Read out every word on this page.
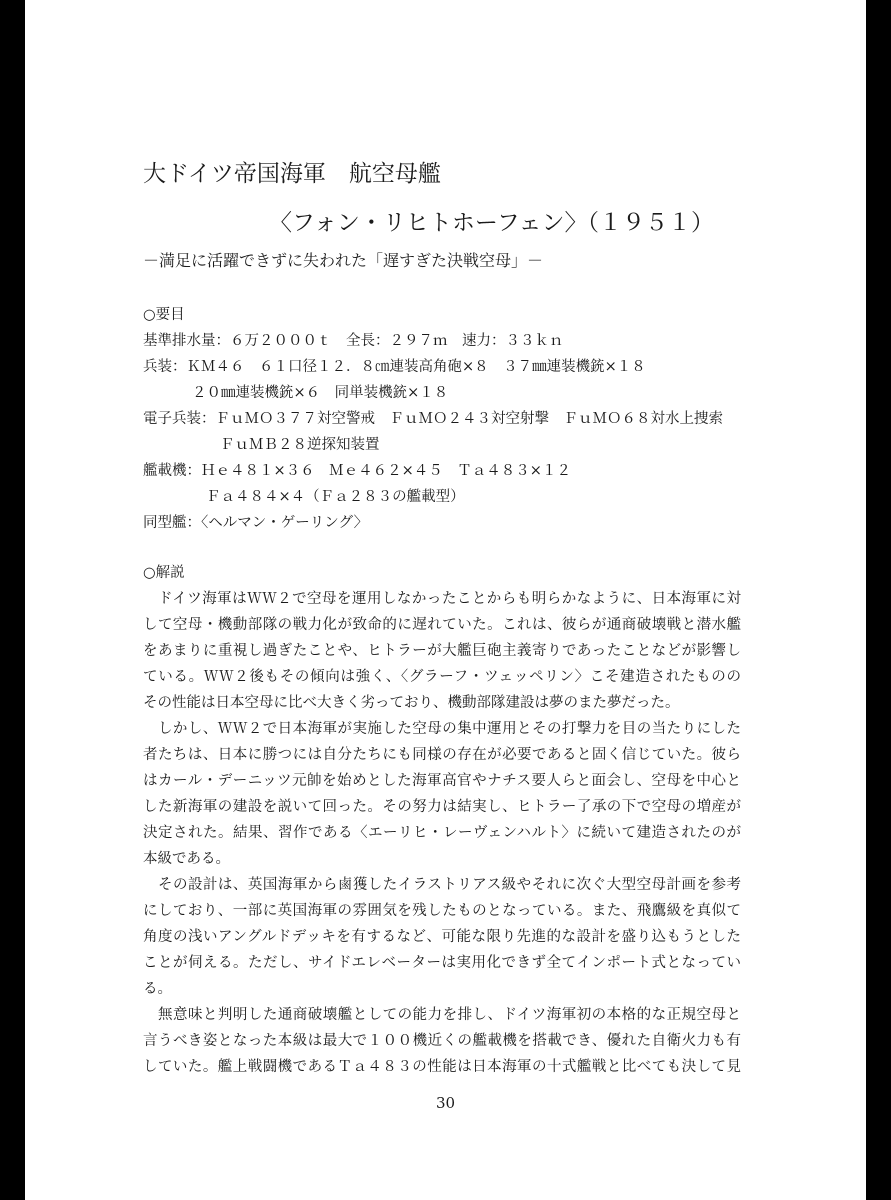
大ドイツ帝国海軍　航空母艦
〈フォン・リヒトホーフェン〉（１９５１）
－満足に活躍できずに失われた「遅すぎた決戦空母」－
○要目
基準排水量：６万２０００ｔ　全長：２９７ｍ　速力：３３ｋｎ
兵装：ＫＭ４６　６１口径１２．８㎝連装高角砲×８　３７㎜連装機銃×１８
２０㎜連装機銃×６　同単装機銃×１８
電子兵装：ＦｕＭＯ３７７対空警戒　ＦｕＭＯ２４３対空射撃　ＦｕＭＯ６８対水上捜索
ＦｕＭＢ２８逆探知装置
艦載機：Ｈｅ４８１×３６　Ｍｅ４６２×４５　Ｔａ４８３×１２
Ｆａ４８４×４（Ｆａ２８３の艦載型）
同型艦：〈ヘルマン・ゲーリング〉
○解説
　ドイツ海軍はＷＷ２で空母を運用しなかったことからも明らかなように、日本海軍に対
して空母・機動部隊の戦力化が致命的に遅れていた。これは、彼らが通商破壊戦と潜水艦
をあまりに重視し過ぎたことや、ヒトラーが大艦巨砲主義寄りであったことなどが影響し
ている。ＷＷ２後もその傾向は強く、〈グラーフ・ツェッペリン〉こそ建造されたものの
その性能は日本空母に比べ大きく劣っており、機動部隊建設は夢のまた夢だった。
　しかし、ＷＷ２で日本海軍が実施した空母の集中運用とその打撃力を目の当たりにした
者たちは、日本に勝つには自分たちにも同様の存在が必要であると固く信じていた。彼ら
はカール・デーニッツ元帥を始めとした海軍高官やナチス要人らと面会し、空母を中心と
した新海軍の建設を説いて回った。その努力は結実し、ヒトラー了承の下で空母の増産が
決定された。結果、習作である〈エーリヒ・レーヴェンハルト〉に続いて建造されたのが
本級である。
　その設計は、英国海軍から鹵獲したイラストリアス級やそれに次ぐ大型空母計画を参考
にしており、一部に英国海軍の雰囲気を残したものとなっている。また、飛鷹級を真似て
角度の浅いアングルドデッキを有するなど、可能な限り先進的な設計を盛り込もうとした
ことが伺える。ただし、サイドエレベーターは実用化できず全てインポート式となってい
る。
　無意味と判明した通商破壊艦としての能力を排し、ドイツ海軍初の本格的な正規空母と
言うべき姿となった本級は最大で１００機近くの艦載機を搭載でき、優れた自衛火力も有
していた。艦上戦闘機であるＴａ４８３の性能は日本海軍の十式艦戦と比べても決して見
30
